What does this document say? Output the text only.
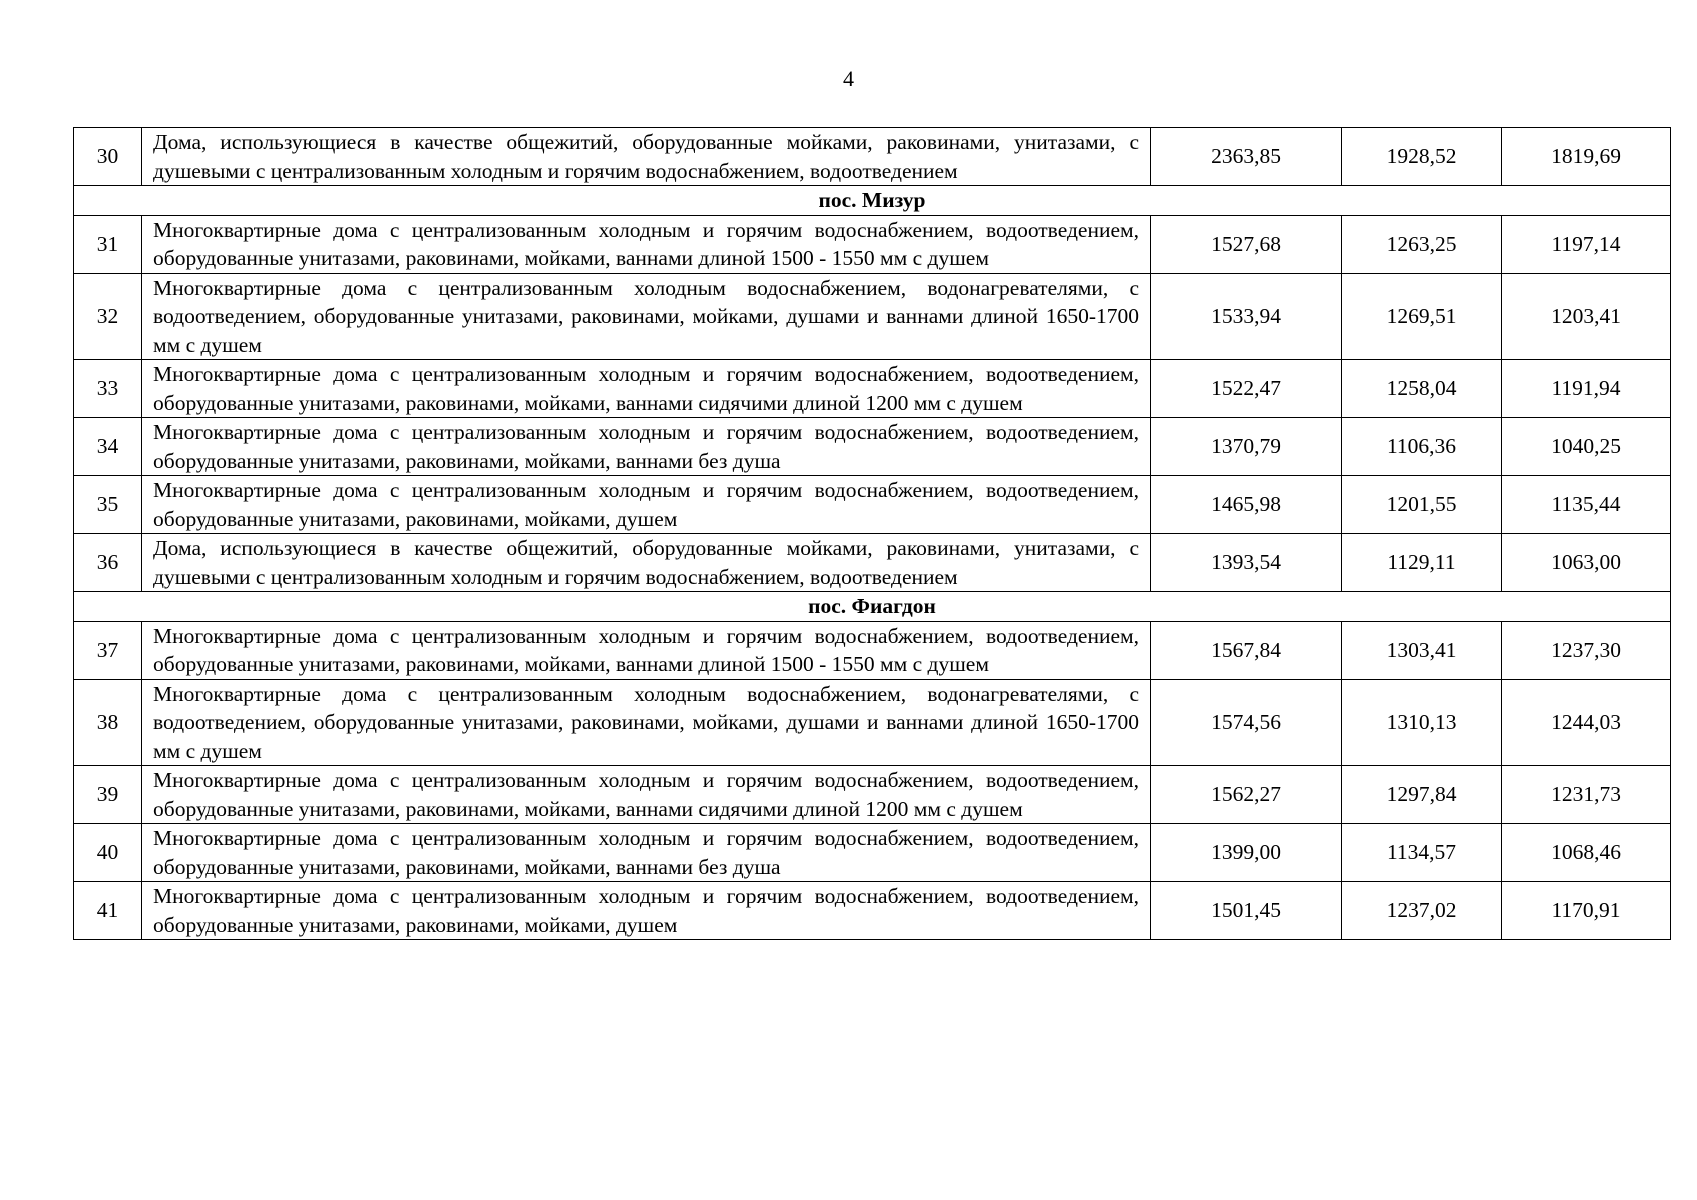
4
30	Дома, использующиеся в качестве общежитий, оборудованные мойками, раковинами, унитазами, с душевыми с централизованным холодным и горячим водоснабжением, водоотведением	2363,85	1928,52	1819,69
пос. Мизур				
31	Многоквартирные дома с централизованным холодным и горячим водоснабжением, водоотведением, оборудованные унитазами, раковинами, мойками, ваннами длиной 1500 - 1550 мм с душем	1527,68	1263,25	1197,14
32	Многоквартирные дома с централизованным холодным водоснабжением, водонагревателями, с водоотведением, оборудованные унитазами, раковинами, мойками, душами и ваннами длиной 1650-1700 мм с душем	1533,94	1269,51	1203,41
33	Многоквартирные дома с централизованным холодным и горячим водоснабжением, водоотведением, оборудованные унитазами, раковинами, мойками, ваннами сидячими длиной 1200 мм с душем	1522,47	1258,04	1191,94
34	Многоквартирные дома с централизованным холодным и горячим водоснабжением, водоотведением, оборудованные унитазами, раковинами, мойками, ваннами без душа	1370,79	1106,36	1040,25
35	Многоквартирные дома с централизованным холодным и горячим водоснабжением, водоотведением, оборудованные унитазами, раковинами, мойками, душем	1465,98	1201,55	1135,44
36	Дома, использующиеся в качестве общежитий, оборудованные мойками, раковинами, унитазами, с душевыми с централизованным холодным и горячим водоснабжением, водоотведением	1393,54	1129,11	1063,00
пос. Фиагдон				
37	Многоквартирные дома с централизованным холодным и горячим водоснабжением, водоотведением, оборудованные унитазами, раковинами, мойками, ваннами длиной 1500 - 1550 мм с душем	1567,84	1303,41	1237,30
38	Многоквартирные дома с централизованным холодным водоснабжением, водонагревателями, с водоотведением, оборудованные унитазами, раковинами, мойками, душами и ваннами длиной 1650-1700 мм с душем	1574,56	1310,13	1244,03
39	Многоквартирные дома с централизованным холодным и горячим водоснабжением, водоотведением, оборудованные унитазами, раковинами, мойками, ваннами сидячими длиной 1200 мм с душем	1562,27	1297,84	1231,73
40	Многоквартирные дома с централизованным холодным и горячим водоснабжением, водоотведением, оборудованные унитазами, раковинами, мойками, ваннами без душа	1399,00	1134,57	1068,46
41	Многоквартирные дома с централизованным холодным и горячим водоснабжением, водоотведением, оборудованные унитазами, раковинами, мойками, душем	1501,45	1237,02	1170,91
